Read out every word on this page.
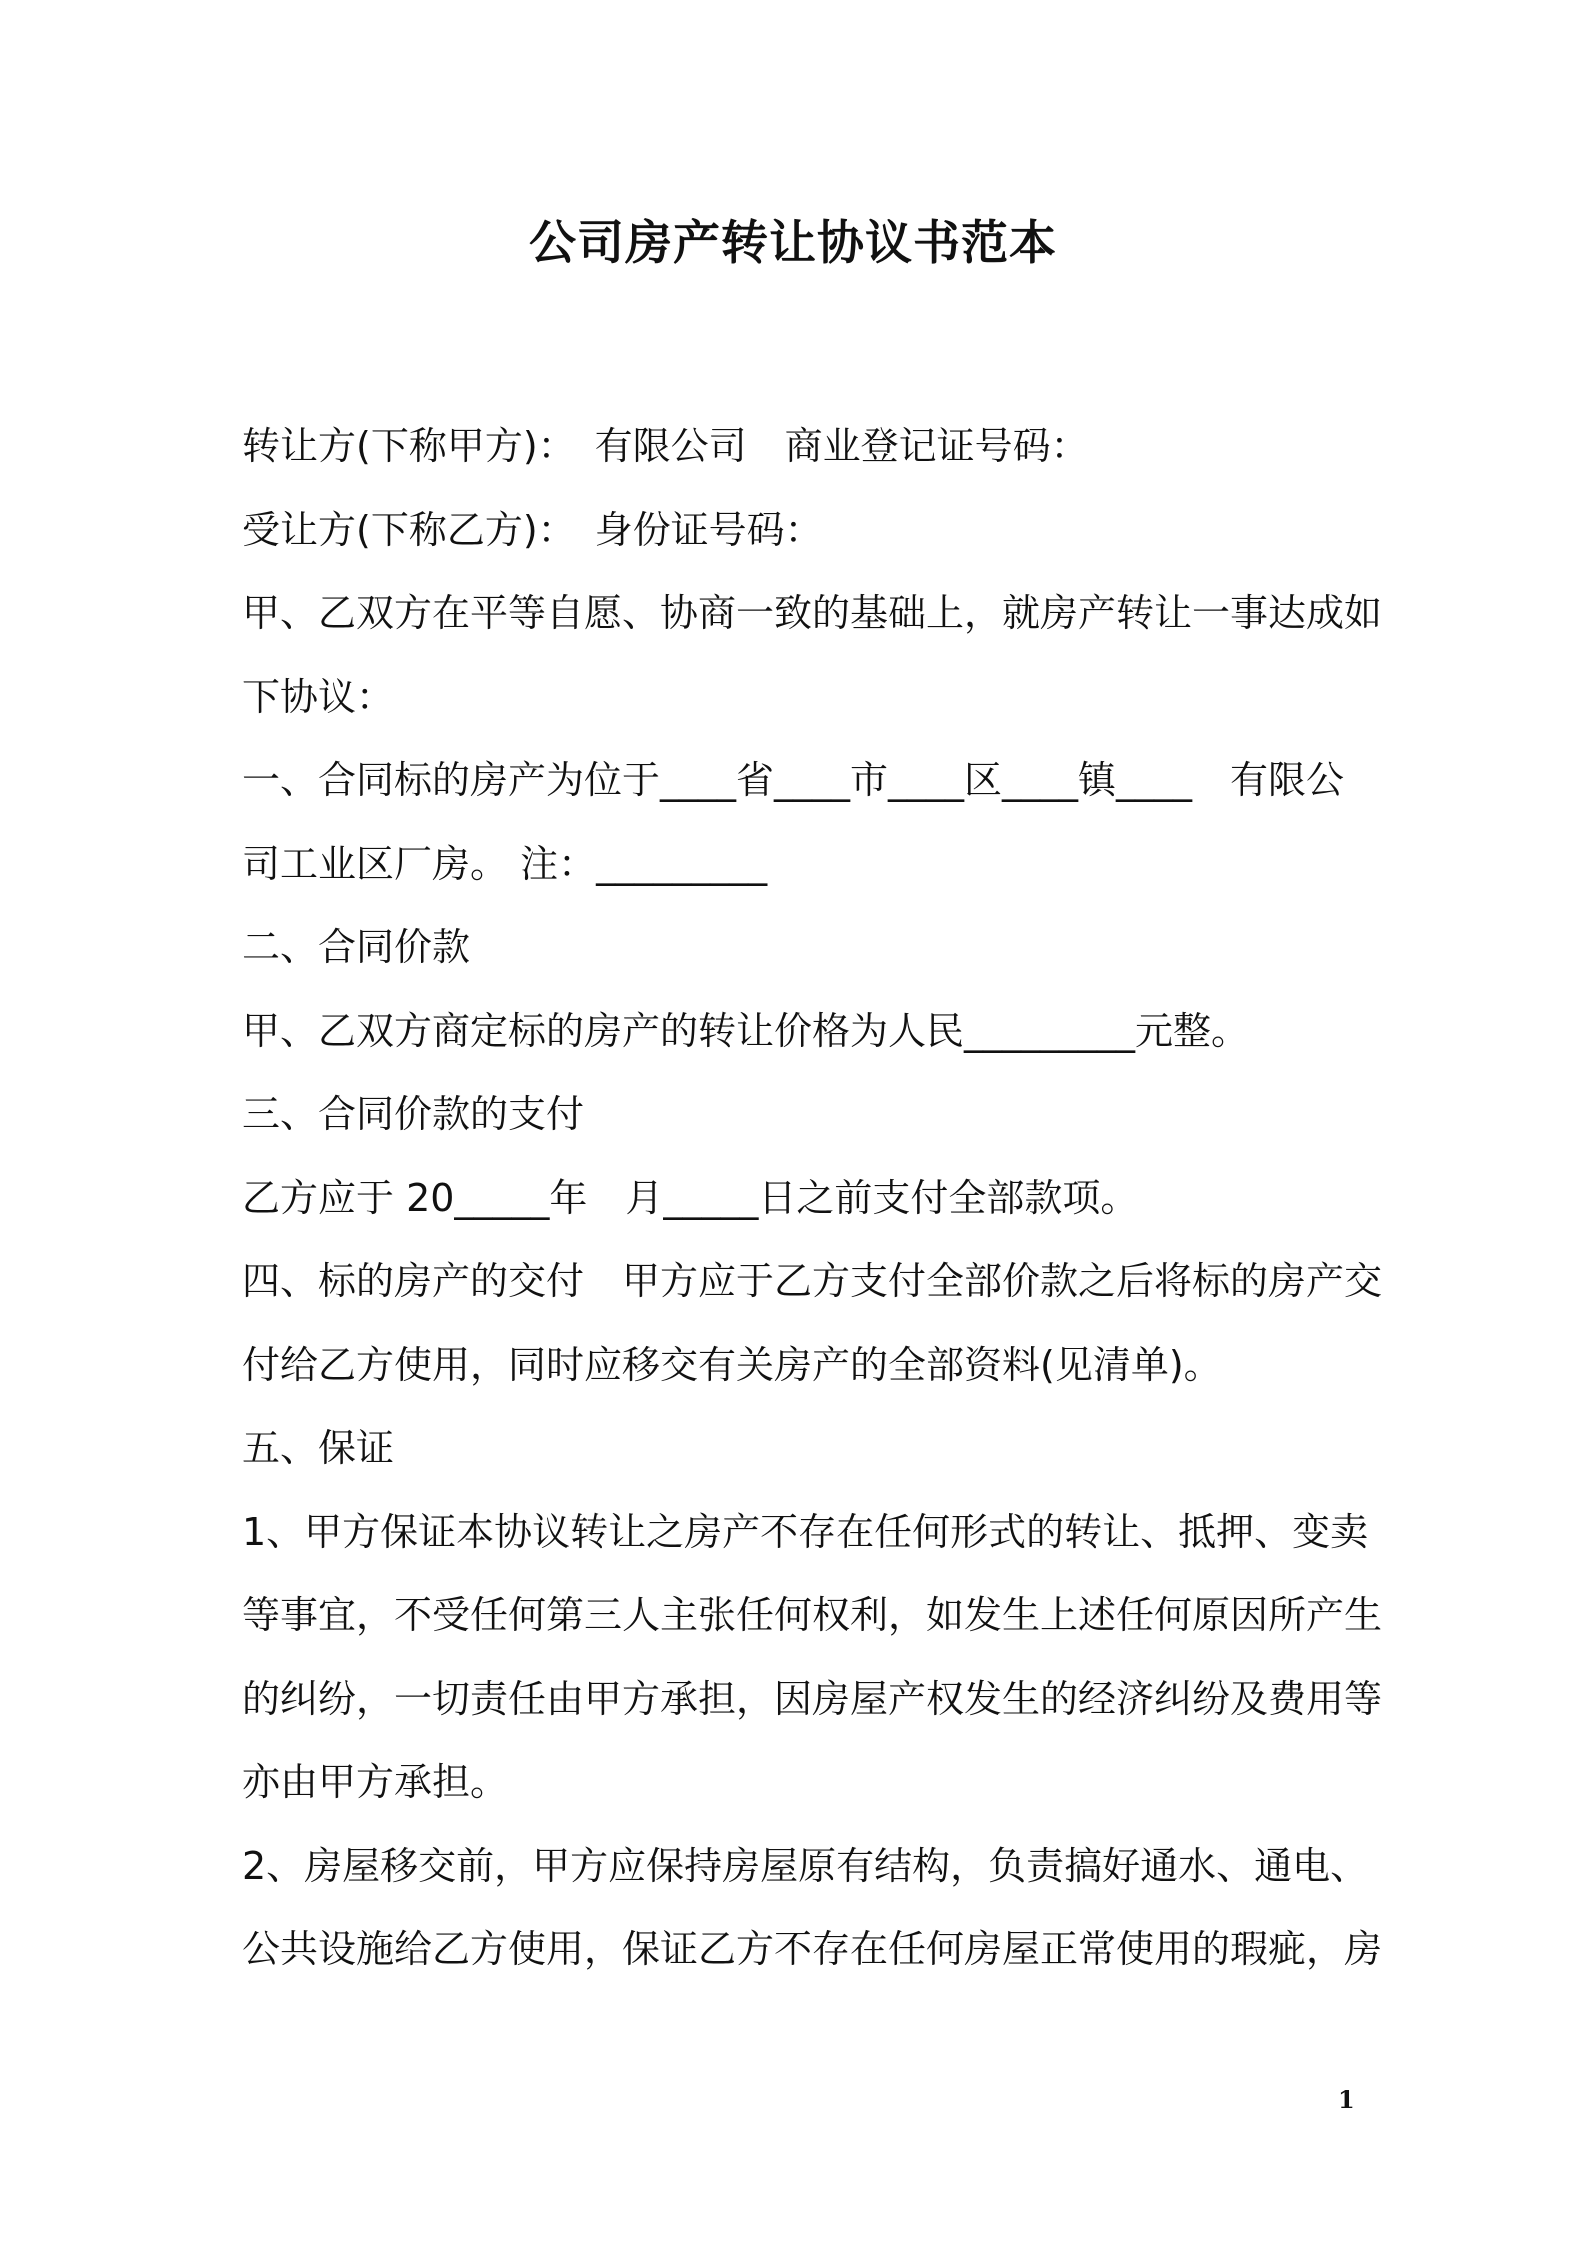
公司房产转让协议书范本
转让方(下称甲方)：　有限公司　商业登记证号码：
受让方(下称乙方)：　身份证号码：
甲、乙双方在平等自愿、协商一致的基础上，就房产转让一事达成如
下协议：
一、合同标的房产为位于____省____市____区____镇____　有限公
司工业区厂房。 注：_________
二、合同价款
甲、乙双方商定标的房产的转让价格为人民_________元整。
三、合同价款的支付
乙方应于 20_____年　月_____日之前支付全部款项。
四、标的房产的交付　甲方应于乙方支付全部价款之后将标的房产交
付给乙方使用，同时应移交有关房产的全部资料(见清单)。
五、保证
1、甲方保证本协议转让之房产不存在任何形式的转让、抵押、变卖
等事宜，不受任何第三人主张任何权利，如发生上述任何原因所产生
的纠纷，一切责任由甲方承担，因房屋产权发生的经济纠纷及费用等
亦由甲方承担。
2、房屋移交前，甲方应保持房屋原有结构，负责搞好通水、通电、
公共设施给乙方使用，保证乙方不存在任何房屋正常使用的瑕疵，房
1
